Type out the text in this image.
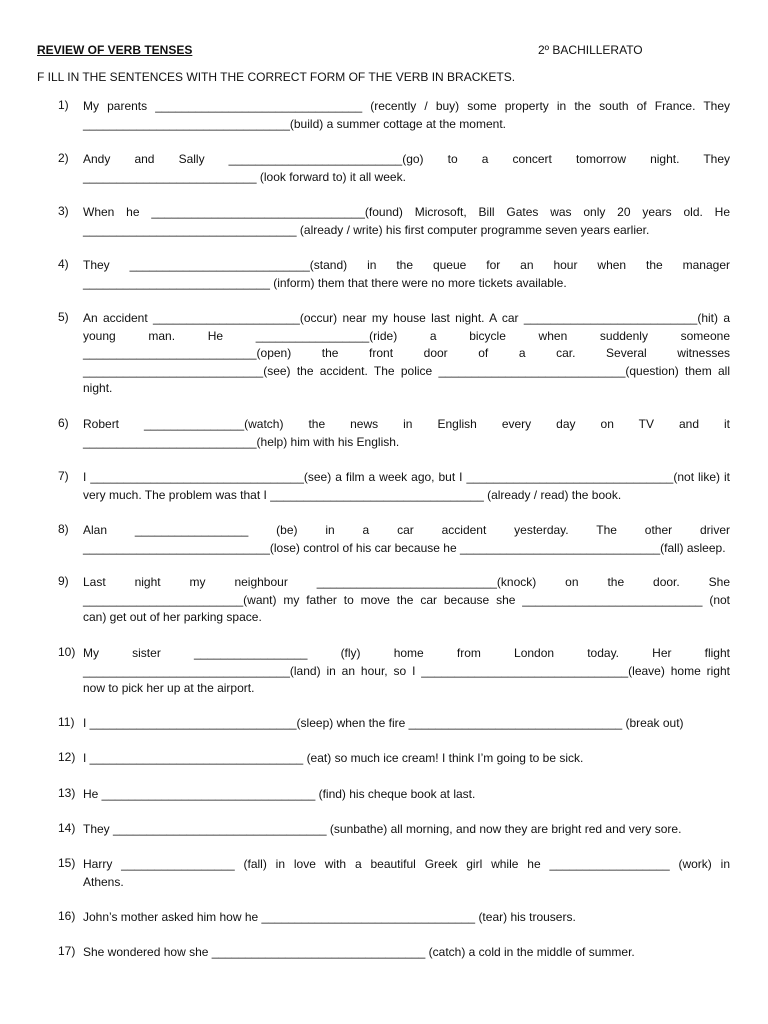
REVIEW OF VERB TENSES	2º BACHILLERATO
F ILL IN THE SENTENCES WITH THE CORRECT FORM OF THE VERB IN BRACKETS.
1) My parents _______________________________ (recently / buy) some property in the south of France. They
_______________________________(build) a summer cottage at the moment.
2) Andy and Sally __________________________(go) to a concert tomorrow night. They
__________________________ (look forward to) it all week.
3) When he ________________________________(found) Microsoft, Bill Gates was only 20 years old. He
________________________________ (already / write) his first computer programme seven years earlier.
4) They ___________________________(stand) in the queue for an hour when the manager
____________________________ (inform) them that there were no more tickets available.
5) An accident ______________________(occur) near my house last night. A car __________________________(hit) a
young man. He _________________(ride) a bicycle when suddenly someone
__________________________(open) the front door of a car. Several witnesses
___________________________(see) the accident. The police ____________________________(question) them all
night.
6) Robert _______________(watch) the news in English every day on TV and it
__________________________(help) him with his English.
7) I ________________________________(see) a film a week ago, but I _______________________________(not like) it
very much. The problem was that I ________________________________ (already / read) the book.
8) Alan _________________ (be) in a car accident yesterday. The other driver
____________________________(lose) control of his car because he ______________________________(fall) asleep.
9) Last night my neighbour ___________________________(knock) on the door. She
________________________(want) my father to move the car because she ___________________________ (not
can) get out of her parking space.
10) My sister _________________ (fly) home from London today. Her flight
_______________________________(land) in an hour, so I _______________________________(leave) home right
now to pick her up at the airport.
11) I _______________________________(sleep) when the fire ________________________________ (break out)
12) I ________________________________ (eat) so much ice cream! I think I’m going to be sick.
13) He ________________________________ (find) his cheque book at last.
14) They ________________________________ (sunbathe) all morning, and now they are bright red and very sore.
15) Harry _________________ (fall) in love with a beautiful Greek girl while he __________________ (work) in
Athens.
16) John’s mother asked him how he ________________________________ (tear) his trousers.
17) She wondered how she ________________________________ (catch) a cold in the middle of summer.
